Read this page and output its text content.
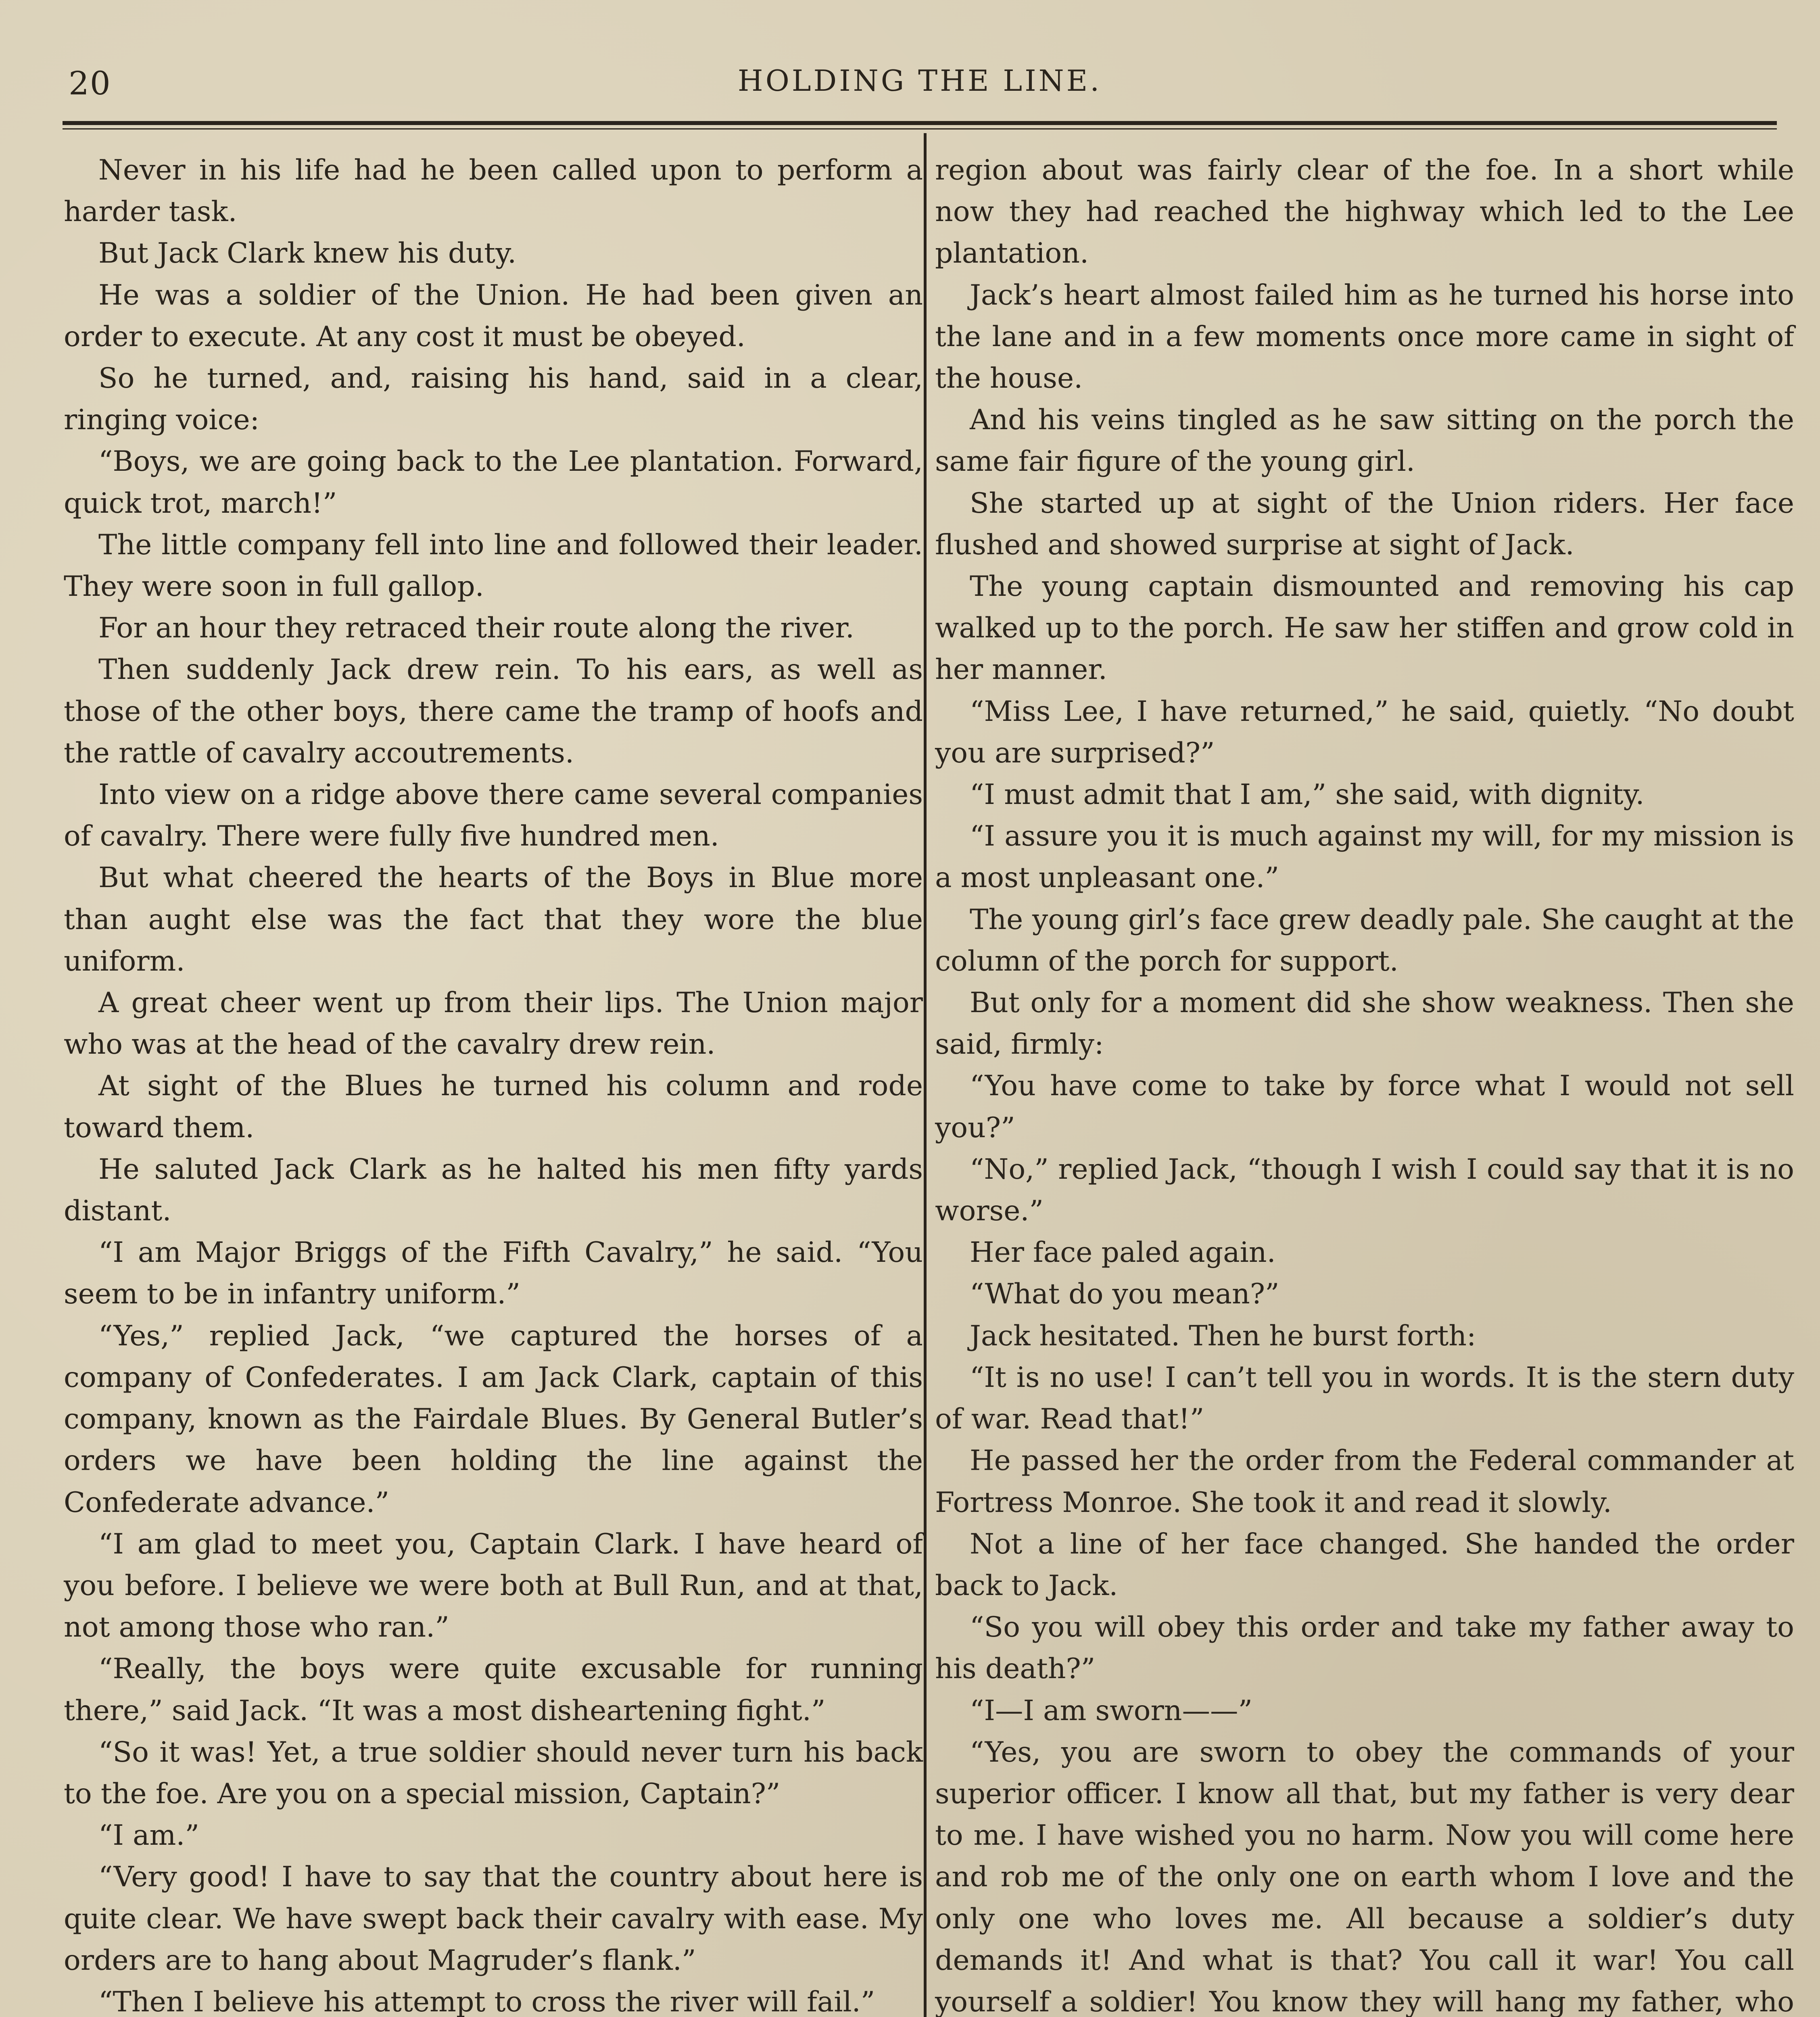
20	HOLDING THE LINE.

Never in his life had he been called upon to perform a harder task.

But Jack Clark knew his duty.

He was a soldier of the Union. He had been given an order to execute. At any cost it must be obeyed.

So he turned, and, raising his hand, said in a clear, ringing voice:

“Boys, we are going back to the Lee plantation. Forward, quick trot, march!”

The little company fell into line and followed their leader. They were soon in full gallop.

For an hour they retraced their route along the river.

Then suddenly Jack drew rein. To his ears, as well as those of the other boys, there came the tramp of hoofs and the rattle of cavalry accoutrements.

Into view on a ridge above there came several companies of cavalry. There were fully five hundred men.

But what cheered the hearts of the Boys in Blue more than aught else was the fact that they wore the blue uniform.

A great cheer went up from their lips. The Union major who was at the head of the cavalry drew rein.

At sight of the Blues he turned his column and rode toward them.

He saluted Jack Clark as he halted his men fifty yards distant.

“I am Major Briggs of the Fifth Cavalry,” he said. “You seem to be in infantry uniform.”

“Yes,” replied Jack, “we captured the horses of a company of Confederates. I am Jack Clark, captain of this company, known as the Fairdale Blues. By General Butler’s orders we have been holding the line against the Confederate advance.”

“I am glad to meet you, Captain Clark. I have heard of you before. I believe we were both at Bull Run, and at that, not among those who ran.”

“Really, the boys were quite excusable for running there,” said Jack. “It was a most disheartening fight.”

“So it was! Yet, a true soldier should never turn his back to the foe. Are you on a special mission, Captain?”

“I am.”

“Very good! I have to say that the country about here is quite clear. We have swept back their cavalry with ease. My orders are to hang about Magruder’s flank.”

“Then I believe his attempt to cross the river will fail.”

region about was fairly clear of the foe. In a short while now they had reached the highway which led to the Lee plantation.

Jack’s heart almost failed him as he turned his horse into the lane and in a few moments once more came in sight of the house.

And his veins tingled as he saw sitting on the porch the same fair figure of the young girl.

She started up at sight of the Union riders. Her face flushed and showed surprise at sight of Jack.

The young captain dismounted and removing his cap walked up to the porch. He saw her stiffen and grow cold in her manner.

“Miss Lee, I have returned,” he said, quietly. “No doubt you are surprised?”

“I must admit that I am,” she said, with dignity.

“I assure you it is much against my will, for my mission is a most unpleasant one.”

The young girl’s face grew deadly pale. She caught at the column of the porch for support.

But only for a moment did she show weakness. Then she said, firmly:

“You have come to take by force what I would not sell you?”

“No,” replied Jack, “though I wish I could say that it is no worse.”

Her face paled again.

“What do you mean?”

Jack hesitated. Then he burst forth:

“It is no use! I can’t tell you in words. It is the stern duty of war. Read that!”

He passed her the order from the Federal commander at Fortress Monroe. She took it and read it slowly.

Not a line of her face changed. She handed the order back to Jack.

“So you will obey this order and take my father away to his death?”

“I—I am sworn——”

“Yes, you are sworn to obey the commands of your superior officer. I know all that, but my father is very dear to me. I have wished you no harm. Now you will come here and rob me of the only one on earth whom I love and the only one who loves me. All because a soldier’s duty demands it! And what is that? You call it war! You call yourself a soldier! You know they will hang my father, who
